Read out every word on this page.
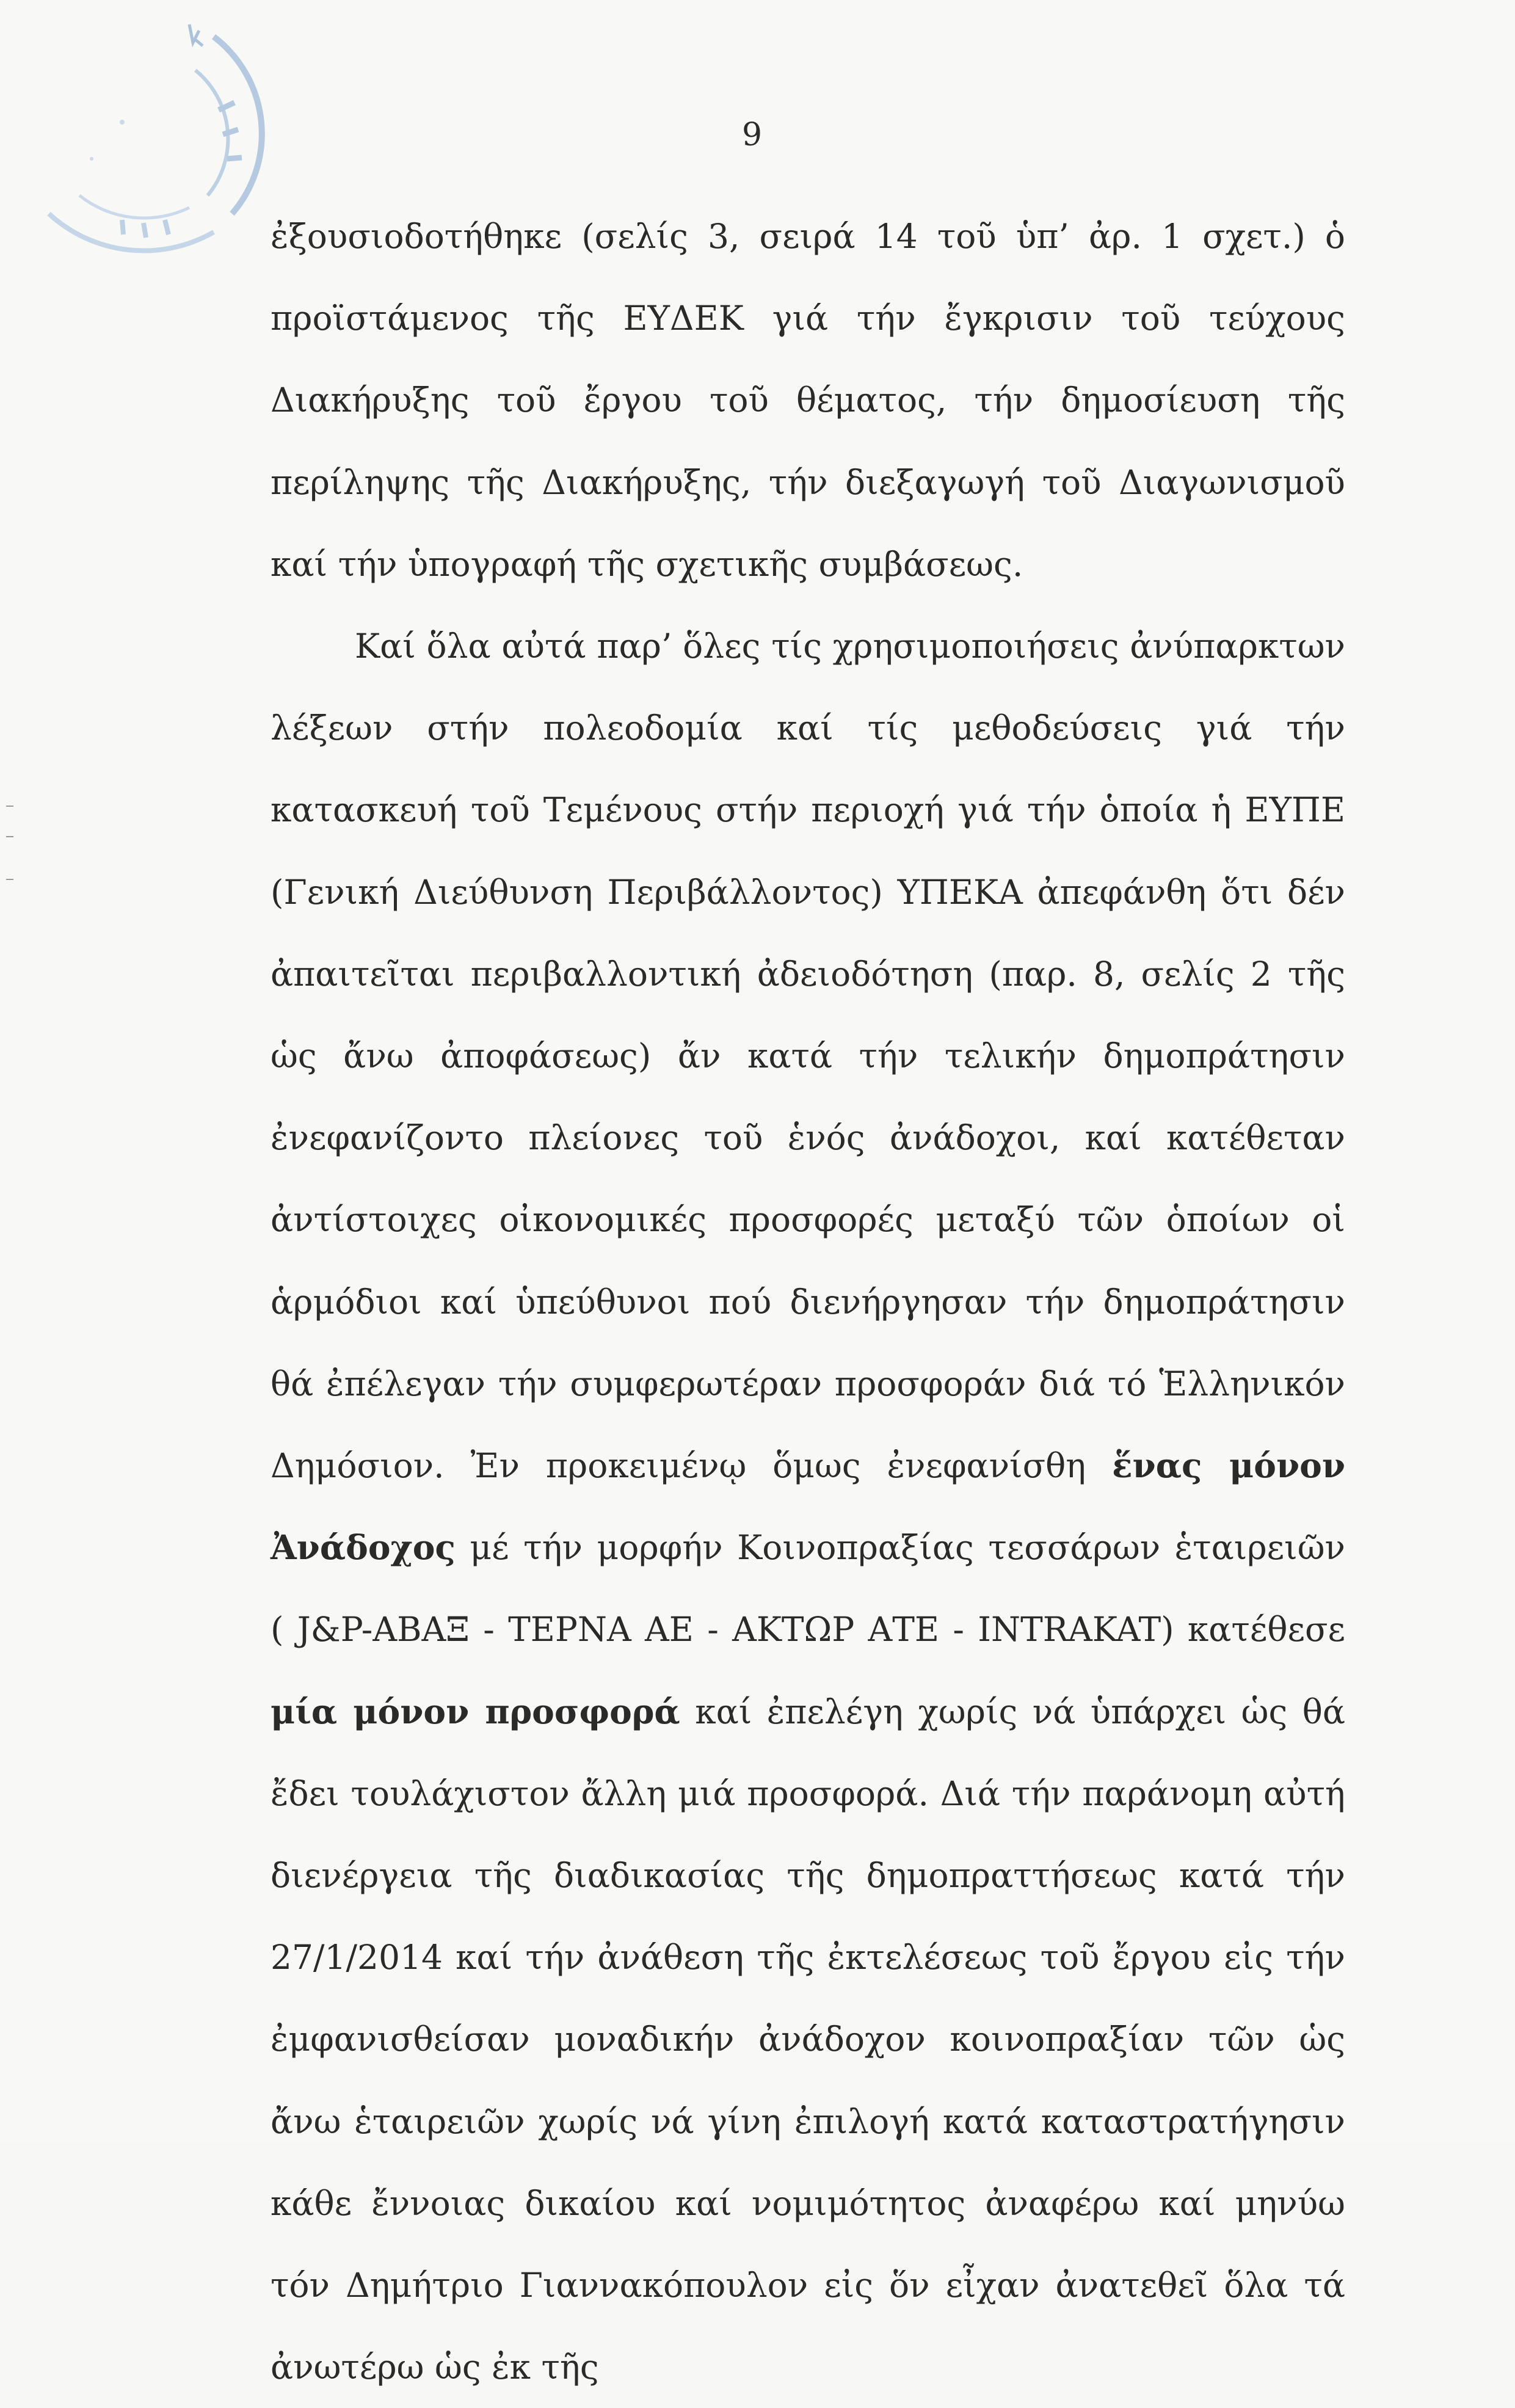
9

ἐξουσιοδοτήθηκε (σελίς 3, σειρά 14 τοῦ ὑπ’ ἀρ. 1 σχετ.) ὁ προϊστάμενος τῆς ΕΥΔΕΚ γιά τήν ἔγκρισιν τοῦ τεύχους Διακήρυξης τοῦ ἔργου τοῦ θέματος, τήν δημοσίευση τῆς περίληψης τῆς Διακήρυξης, τήν διεξαγωγή τοῦ Διαγωνισμοῦ καί τήν ὑπογραφή τῆς σχετικῆς συμβάσεως.

Καί ὅλα αὐτά παρ’ ὅλες τίς χρησιμοποιήσεις ἀνύπαρκτων λέξεων στήν πολεοδομία καί τίς μεθοδεύσεις γιά τήν κατασκευή τοῦ Τεμένους στήν περιοχή γιά τήν ὁποία ἡ ΕΥΠΕ (Γενική Διεύθυνση Περιβάλλοντος) ΥΠΕΚΑ ἀπεφάνθη ὅτι δέν ἀπαιτεῖται περιβαλλοντική ἀδειοδότηση (παρ. 8, σελίς 2 τῆς ὡς ἄνω ἀποφάσεως) ἄν κατά τήν τελικήν δημοπράτησιν ἐνεφανίζοντο πλείονες τοῦ ἑνός ἀνάδοχοι, καί κατέθεταν ἀντίστοιχες οἰκονομικές προσφορές μεταξύ τῶν ὁποίων οἱ ἁρμόδιοι καί ὑπεύθυνοι πού διενήργησαν τήν δημοπράτησιν θά ἐπέλεγαν τήν συμφερωτέραν προσφοράν διά τό Ἑλληνικόν Δημόσιον. Ἐν προκειμένῳ ὅμως ἐνεφανίσθη ἕνας μόνον Ἀνάδοχος μέ τήν μορφήν Κοινοπραξίας τεσσάρων ἑταιρειῶν ( J&P-ΑΒΑΞ - ΤΕΡΝΑ ΑΕ - ΑΚΤΩΡ ΑΤΕ - INTRAKAT) κατέθεσε μία μόνον προσφορά καί ἐπελέγη χωρίς νά ὑπάρχει ὡς θά ἔδει τουλάχιστον ἄλλη μιά προσφορά. Διά τήν παράνομη αὐτή διενέργεια τῆς διαδικασίας τῆς δημοπραττήσεως κατά τήν 27/1/2014 καί τήν ἀνάθεση τῆς ἐκτελέσεως τοῦ ἔργου εἰς τήν ἐμφανισθείσαν μοναδικήν ἀνάδοχον κοινοπραξίαν τῶν ὡς ἄνω ἑταιρειῶν χωρίς νά γίνη ἐπιλογή κατά καταστρατήγησιν κάθε ἔννοιας δικαίου καί νομιμότητος ἀναφέρω καί μηνύω τόν Δημήτριο Γιαννακόπουλον εἰς ὅν εἶχαν ἀνατεθεῖ ὅλα τά ἀνωτέρω ὡς ἐκ τῆς
